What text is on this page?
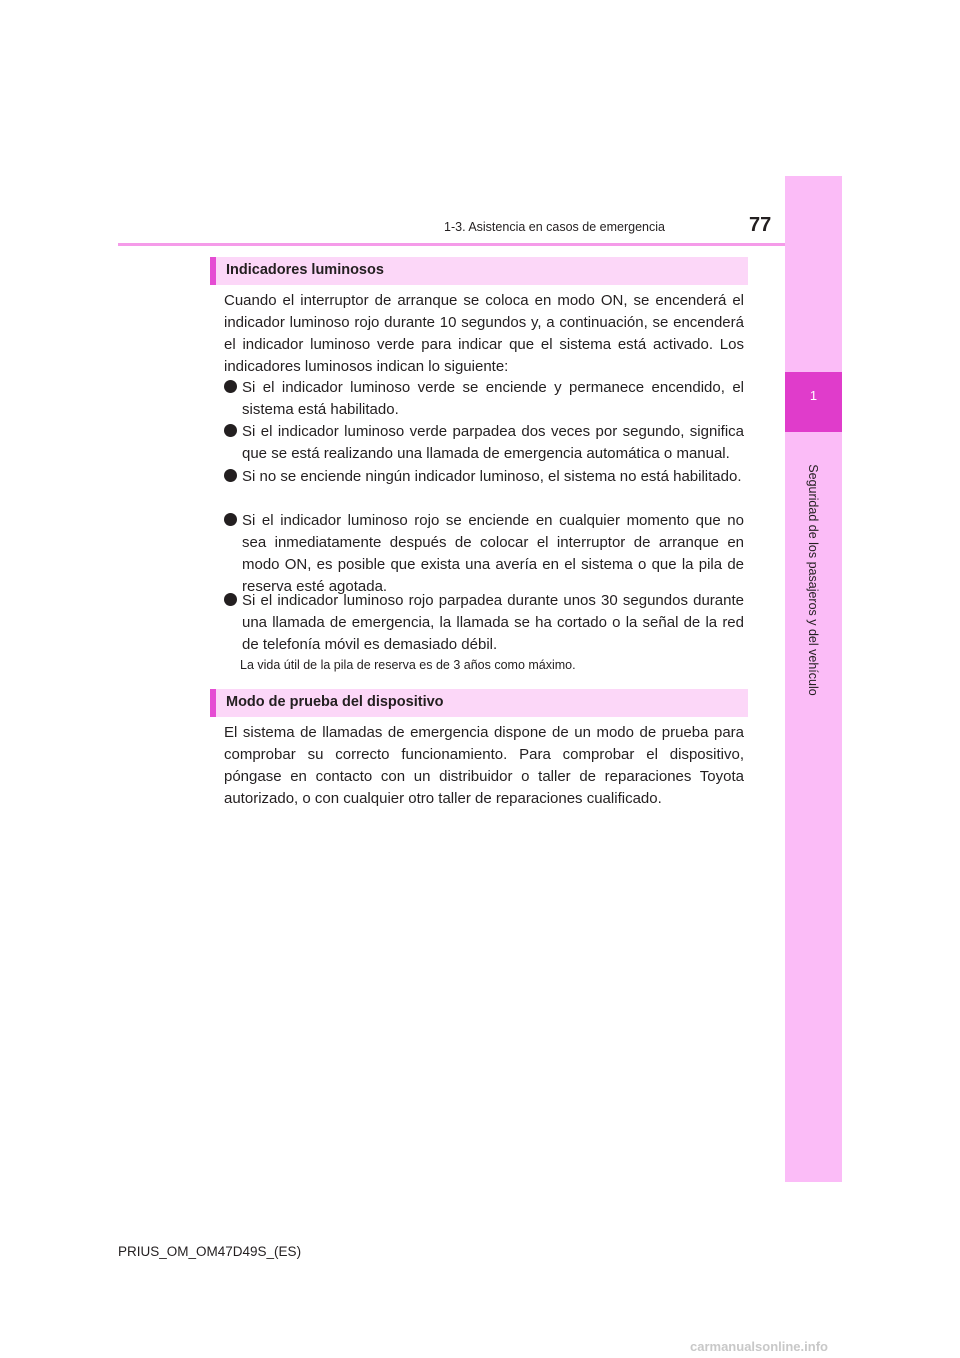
1-3. Asistencia en casos de emergencia	77
1
Seguridad de los pasajeros y del vehículo
Indicadores luminosos
Cuando el interruptor de arranque se coloca en modo ON, se encenderá el indicador luminoso rojo durante 10 segundos y, a continuación, se encenderá el indicador luminoso verde para indicar que el sistema está activado. Los indicadores luminosos indican lo siguiente:
Si el indicador luminoso verde se enciende y permanece encendido, el sistema está habilitado.
Si el indicador luminoso verde parpadea dos veces por segundo, significa que se está realizando una llamada de emergencia automática o manual.
Si no se enciende ningún indicador luminoso, el sistema no está habilitado.
Si el indicador luminoso rojo se enciende en cualquier momento que no sea inmediatamente después de colocar el interruptor de arranque en modo ON, es posible que exista una avería en el sistema o que la pila de reserva esté agotada.
Si el indicador luminoso rojo parpadea durante unos 30 segundos durante una llamada de emergencia, la llamada se ha cortado o la señal de la red de telefonía móvil es demasiado débil.
La vida útil de la pila de reserva es de 3 años como máximo.
Modo de prueba del dispositivo
El sistema de llamadas de emergencia dispone de un modo de prueba para comprobar su correcto funcionamiento. Para comprobar el dispositivo, póngase en contacto con un distribuidor o taller de reparaciones Toyota autorizado, o con cualquier otro taller de reparaciones cualificado.
PRIUS_OM_OM47D49S_(ES)
carmanualsonline.info
